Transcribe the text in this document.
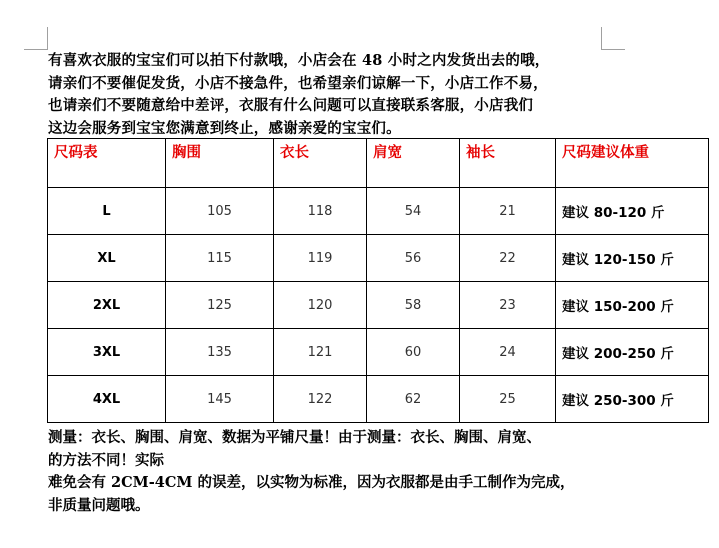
有喜欢衣服的宝宝们可以拍下付款哦，小店会在 48 小时之内发货出去的哦，
请亲们不要催促发货，小店不接急件，也希望亲们谅解一下，小店工作不易，
也请亲们不要随意给中差评，衣服有什么问题可以直接联系客服，小店我们
这边会服务到宝宝您满意到终止，感谢亲爱的宝宝们。
尺码表	胸围	衣长	肩宽	袖长	尺码建议体重
L	105	118	54	21	建议 80-120 斤
XL	115	119	56	22	建议 120-150 斤
2XL	125	120	58	23	建议 150-200 斤
3XL	135	121	60	24	建议 200-250 斤
4XL	145	122	62	25	建议 250-300 斤
测量：衣长、胸围、肩宽、数据为平铺尺量！由于测量：衣长、胸围、肩宽、
的方法不同！实际
难免会有 2CM-4CM 的误差，以实物为标准，因为衣服都是由手工制作为完成，
非质量问题哦。
